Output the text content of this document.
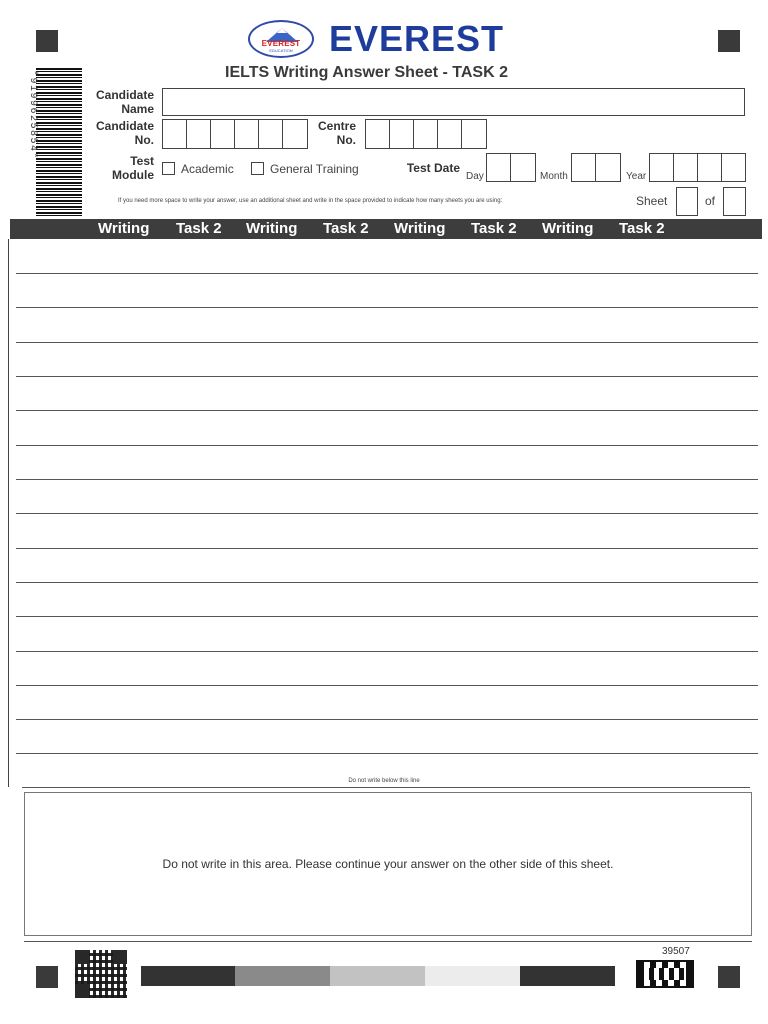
EVEREST
EDUCATION	EVEREST
IELTS Writing Answer Sheet - TASK 2
*9199625854*	Candidate
Name
Candidate
No.
Centre
No.
Test
Module Academic	General Training	Test Date
Day	Month	Year
If you need more space to write your answer, use an additional sheet and write in the space provided to indicate how many sheets you are using:	Sheet	of
Writing Task 2 Writing Task 2 Writing Task 2 Writing Task 2
Do not write below this line
Do not write in this area. Please continue your answer on the other side of this sheet.
39507
